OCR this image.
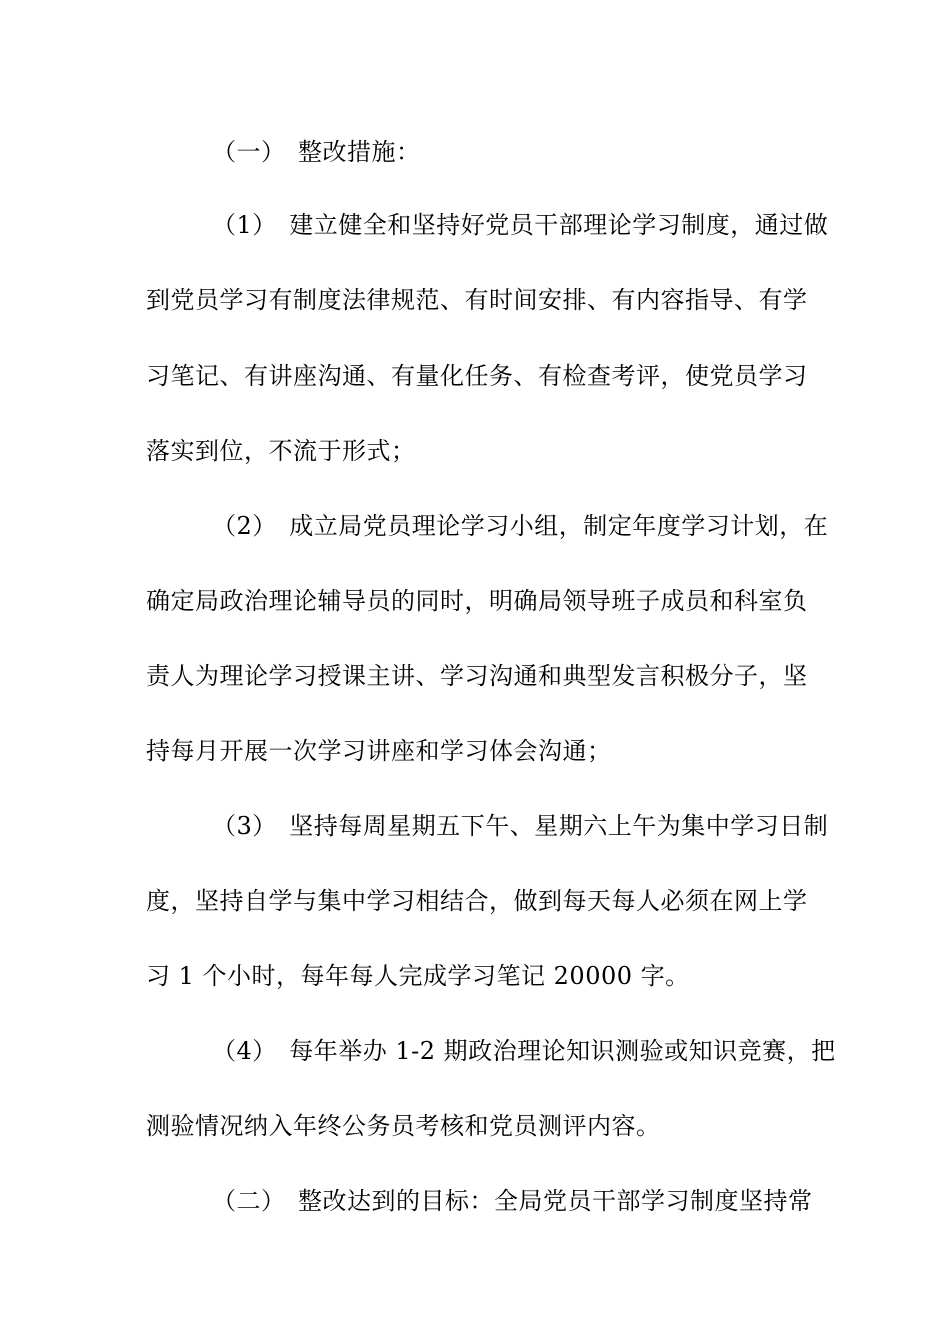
（一）　整改措施：
（1）　建立健全和坚持好党员干部理论学习制度，通过做
到党员学习有制度法律规范、有时间安排、有内容指导、有学
习笔记、有讲座沟通、有量化任务、有检查考评，使党员学习
落实到位，不流于形式；
（2）　成立局党员理论学习小组，制定年度学习计划，在
确定局政治理论辅导员的同时，明确局领导班子成员和科室负
责人为理论学习授课主讲、学习沟通和典型发言积极分子，坚
持每月开展一次学习讲座和学习体会沟通；
（3）　坚持每周星期五下午、星期六上午为集中学习日制
度，坚持自学与集中学习相结合，做到每天每人必须在网上学
习 1 个小时，每年每人完成学习笔记 20000 字。
（4）　每年举办 1-2 期政治理论知识测验或知识竞赛，把
测验情况纳入年终公务员考核和党员测评内容。
（二）　整改达到的目标：全局党员干部学习制度坚持常
